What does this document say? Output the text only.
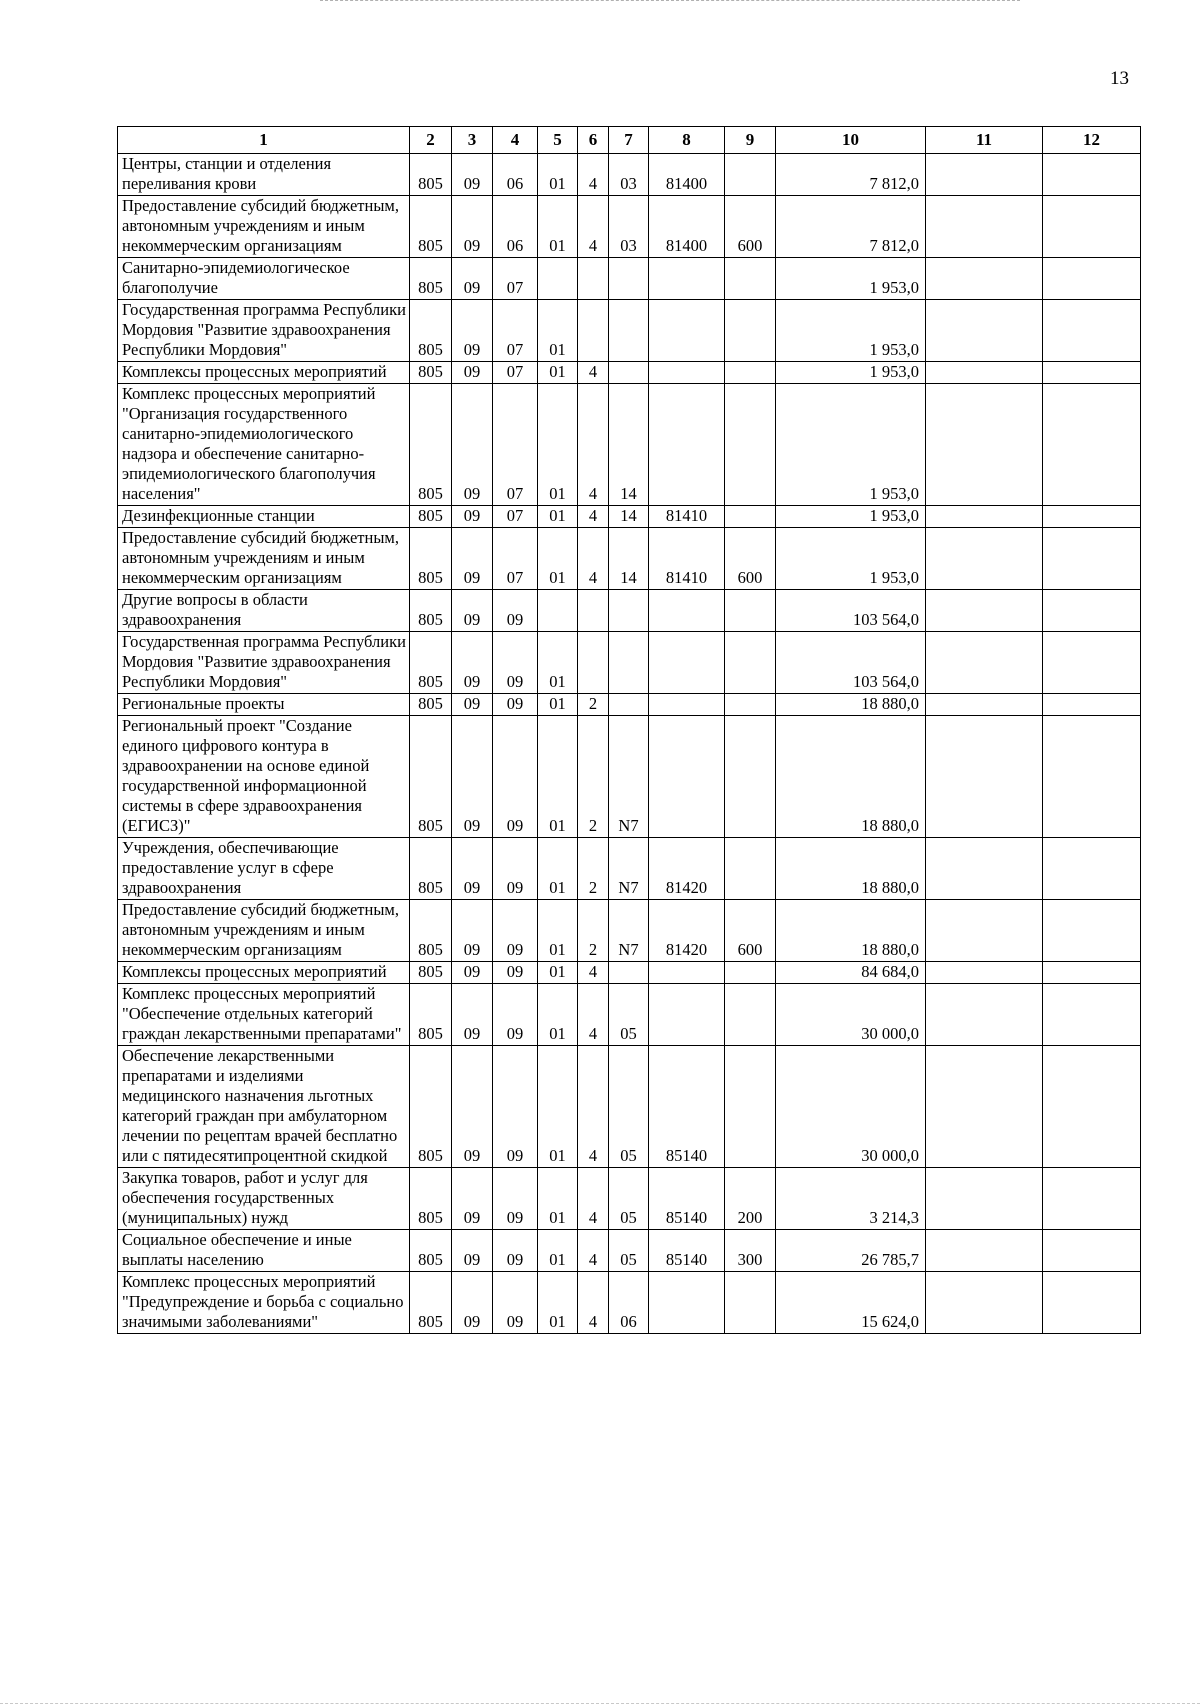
13
1	2	3	4	5	6	7	8	9	10	11	12
Центры, станции и отделения переливания крови	805	09	06	01	4	03	81400		7 812,0		
Предоставление субсидий бюджетным, автономным учреждениям и иным некоммерческим организациям	805	09	06	01	4	03	81400	600	7 812,0		
Санитарно-эпидемиологическое благополучие	805	09	07						1 953,0		
Государственная программа Республики Мордовия "Развитие здравоохранения Республики Мордовия"	805	09	07	01					1 953,0		
Комплексы процессных мероприятий	805	09	07	01	4				1 953,0		
Комплекс процессных мероприятий "Организация государственного санитарно-эпидемиологического надзора и обеспечение санитарно-эпидемиологического благополучия населения"	805	09	07	01	4	14			1 953,0		
Дезинфекционные станции	805	09	07	01	4	14	81410		1 953,0		
Предоставление субсидий бюджетным, автономным учреждениям и иным некоммерческим организациям	805	09	07	01	4	14	81410	600	1 953,0		
Другие вопросы в области здравоохранения	805	09	09						103 564,0		
Государственная программа Республики Мордовия "Развитие здравоохранения Республики Мордовия"	805	09	09	01					103 564,0		
Региональные проекты	805	09	09	01	2				18 880,0		
Региональный проект "Создание единого цифрового контура в здравоохранении на основе единой государственной информационной системы в сфере здравоохранения (ЕГИСЗ)"	805	09	09	01	2	N7			18 880,0		
Учреждения, обеспечивающие предоставление услуг в сфере здравоохранения	805	09	09	01	2	N7	81420		18 880,0		
Предоставление субсидий бюджетным, автономным учреждениям и иным некоммерческим организациям	805	09	09	01	2	N7	81420	600	18 880,0		
Комплексы процессных мероприятий	805	09	09	01	4				84 684,0		
Комплекс процессных мероприятий "Обеспечение отдельных категорий граждан лекарственными препаратами"	805	09	09	01	4	05			30 000,0		
Обеспечение лекарственными препаратами и изделиями медицинского назначения льготных категорий граждан при амбулаторном лечении по рецептам врачей бесплатно или с пятидесятипроцентной скидкой	805	09	09	01	4	05	85140		30 000,0		
Закупка товаров, работ и услуг для обеспечения государственных (муниципальных) нужд	805	09	09	01	4	05	85140	200	3 214,3		
Социальное обеспечение и иные выплаты населению	805	09	09	01	4	05	85140	300	26 785,7		
Комплекс процессных мероприятий "Предупреждение и борьба с социально значимыми заболеваниями"	805	09	09	01	4	06			15 624,0		
